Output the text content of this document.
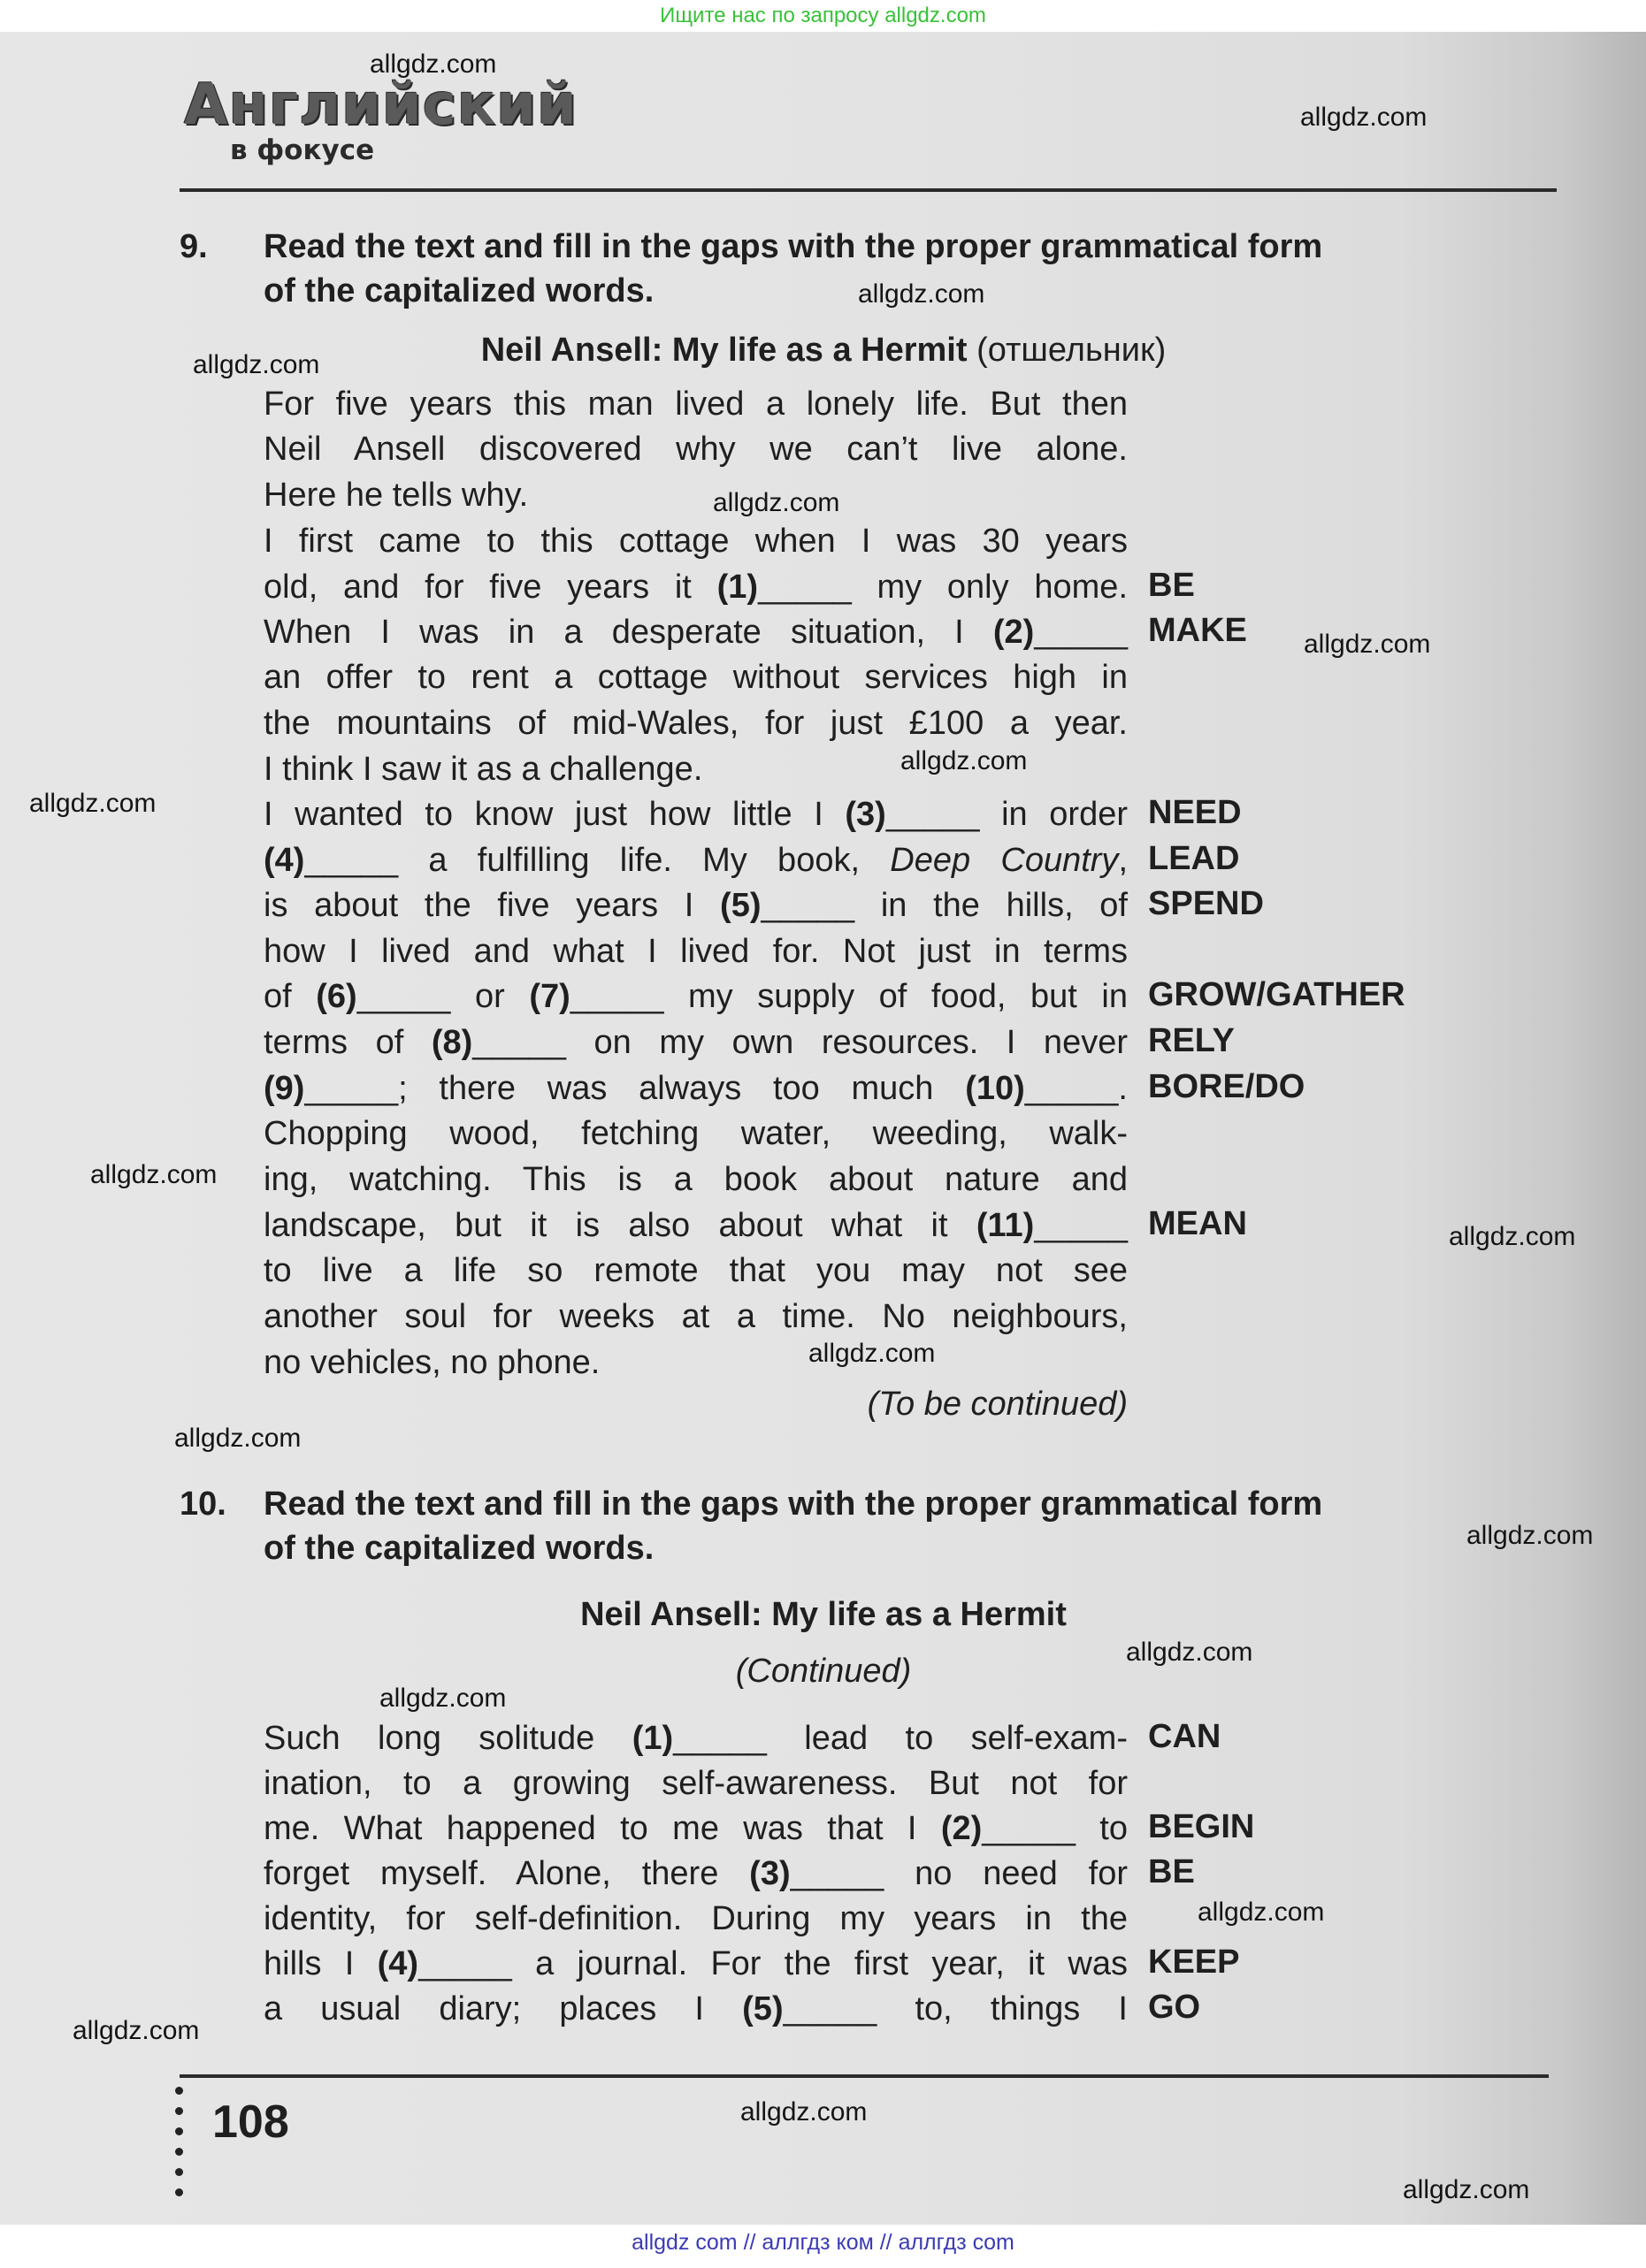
Ищите нас по запросу allgdz.com
Английский
в фокусе
9. Read the text and fill in the gaps with the proper grammatical form
of the capitalized words.
Neil Ansell: My life as a Hermit (отшельник)
For five years this man lived a lonely life. But then
Neil Ansell discovered why we can’t live alone.
Here he tells why.
I first came to this cottage when I was 30 years
old, and for five years it (1)_____ my only home.
When I was in a desperate situation, I (2)_____
an offer to rent a cottage without services high in
the mountains of mid-Wales, for just £100 a year.
I think I saw it as a challenge.
I wanted to know just how little I (3)_____ in order
(4)_____ a fulfilling life. My book, Deep Country,
is about the five years I (5)_____ in the hills, of
how I lived and what I lived for. Not just in terms
of (6)_____ or (7)_____ my supply of food, but in
terms of (8)_____ on my own resources. I never
(9)_____; there was always too much (10)_____.
Chopping wood, fetching water, weeding, walk-
ing, watching. This is a book about nature and
landscape, but it is also about what it (11)_____
to live a life so remote that you may not see
another soul for weeks at a time. No neighbours,
no vehicles, no phone.
BE
MAKE
NEED
LEAD
SPEND
GROW/GATHER
RELY
BORE/DO
MEAN
(To be continued)
10. Read the text and fill in the gaps with the proper grammatical form
of the capitalized words.
Neil Ansell: My life as a Hermit
(Continued)
Such long solitude (1)_____ lead to self-exam-
ination, to a growing self-awareness. But not for
me. What happened to me was that I (2)_____ to
forget myself. Alone, there (3)_____ no need for
identity, for self-definition. During my years in the
hills I (4)_____ a journal. For the first year, it was
a usual diary; places I (5)_____ to, things I
CAN
BEGIN
BE
KEEP
GO
108
allgdz.com
allgdz.com
allgdz.com
allgdz.com
allgdz.com
allgdz.com
allgdz.com
allgdz.com
allgdz.com
allgdz.com
allgdz.com
allgdz.com
allgdz.com
allgdz.com
allgdz.com
allgdz.com
allgdz.com
allgdz.com
allgdz.com
allgdz com // аллгдз ком // аллгдз com
